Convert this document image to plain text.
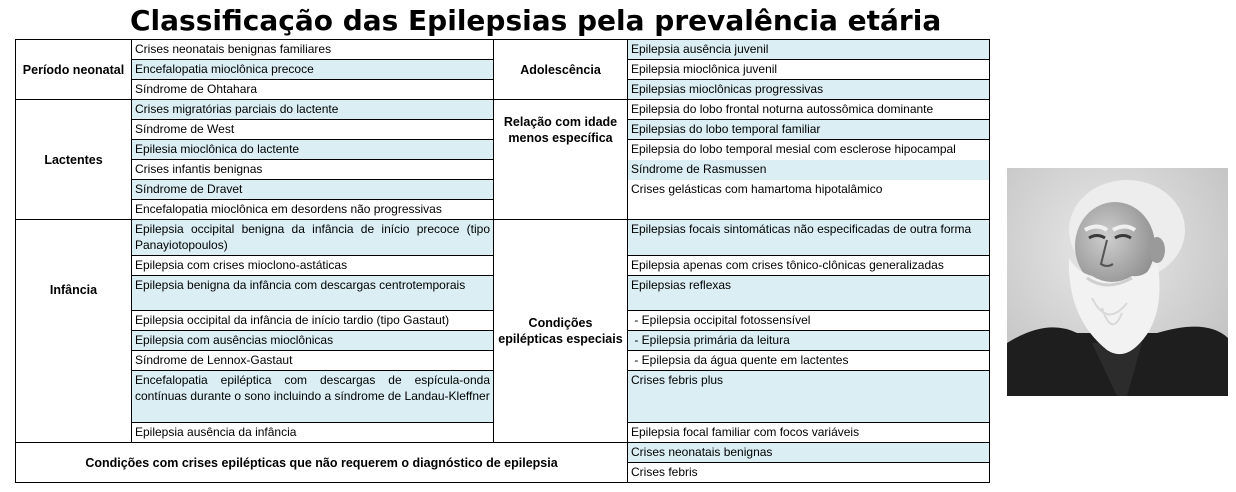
Classificação das Epilepsias pela prevalência etária
Período neonatal	Crises neonatais benignas familiares	Adolescência	Epilepsia ausência juvenil

	Encefalopatia mioclônica precoce		Epilepsia mioclônica juvenil

	Síndrome de Ohtahara		Epilepsias mioclônicas progressivas

Lactentes	Crises migratórias parciais do lactente	Relação com idade menos específica	Epilepsia do lobo frontal noturna autossômica dominante

	Síndrome de West		Epilepsias do lobo temporal familiar

	Epilesia mioclônica do lactente		Epilepsia do lobo temporal mesial com esclerose hipocampal

	Crises infantis benignas		Síndrome de Rasmussen

	Síndrome de Dravet		Crises gelásticas com hamartoma hipotalâmico

	Encefalopatia mioclônica em desordens não progressivas		

Infância	Epilepsia occipital benigna da infância de início precoce (tipo Panayiotopoulos)	Condições epilépticas especiais	Epilepsias focais sintomáticas não especificadas de outra forma

	Epilepsia com crises mioclono-astáticas		Epilepsia apenas com crises tônico-clônicas generalizadas

	Epilepsia benigna da infância com descargas centrotemporais		Epilepsias reflexas

	Epilepsia occipital da infância de início tardio (tipo Gastaut)		- Epilepsia occipital fotossensível

	Epilepsia com ausências mioclônicas		- Epilepsia primária da leitura

	Síndrome de Lennox-Gastaut		- Epilepsia da água quente em lactentes

	Encefalopatia epiléptica com descargas de espícula-onda contínuas durante o sono incluindo a síndrome de Landau-Kleffner		Crises febris plus

	Epilepsia ausência da infância		Epilepsia focal familiar com focos variáveis

Condições com crises epilépticas que não requerem o diagnóstico de epilepsia			Crises neonatais benignas

			Crises febris
